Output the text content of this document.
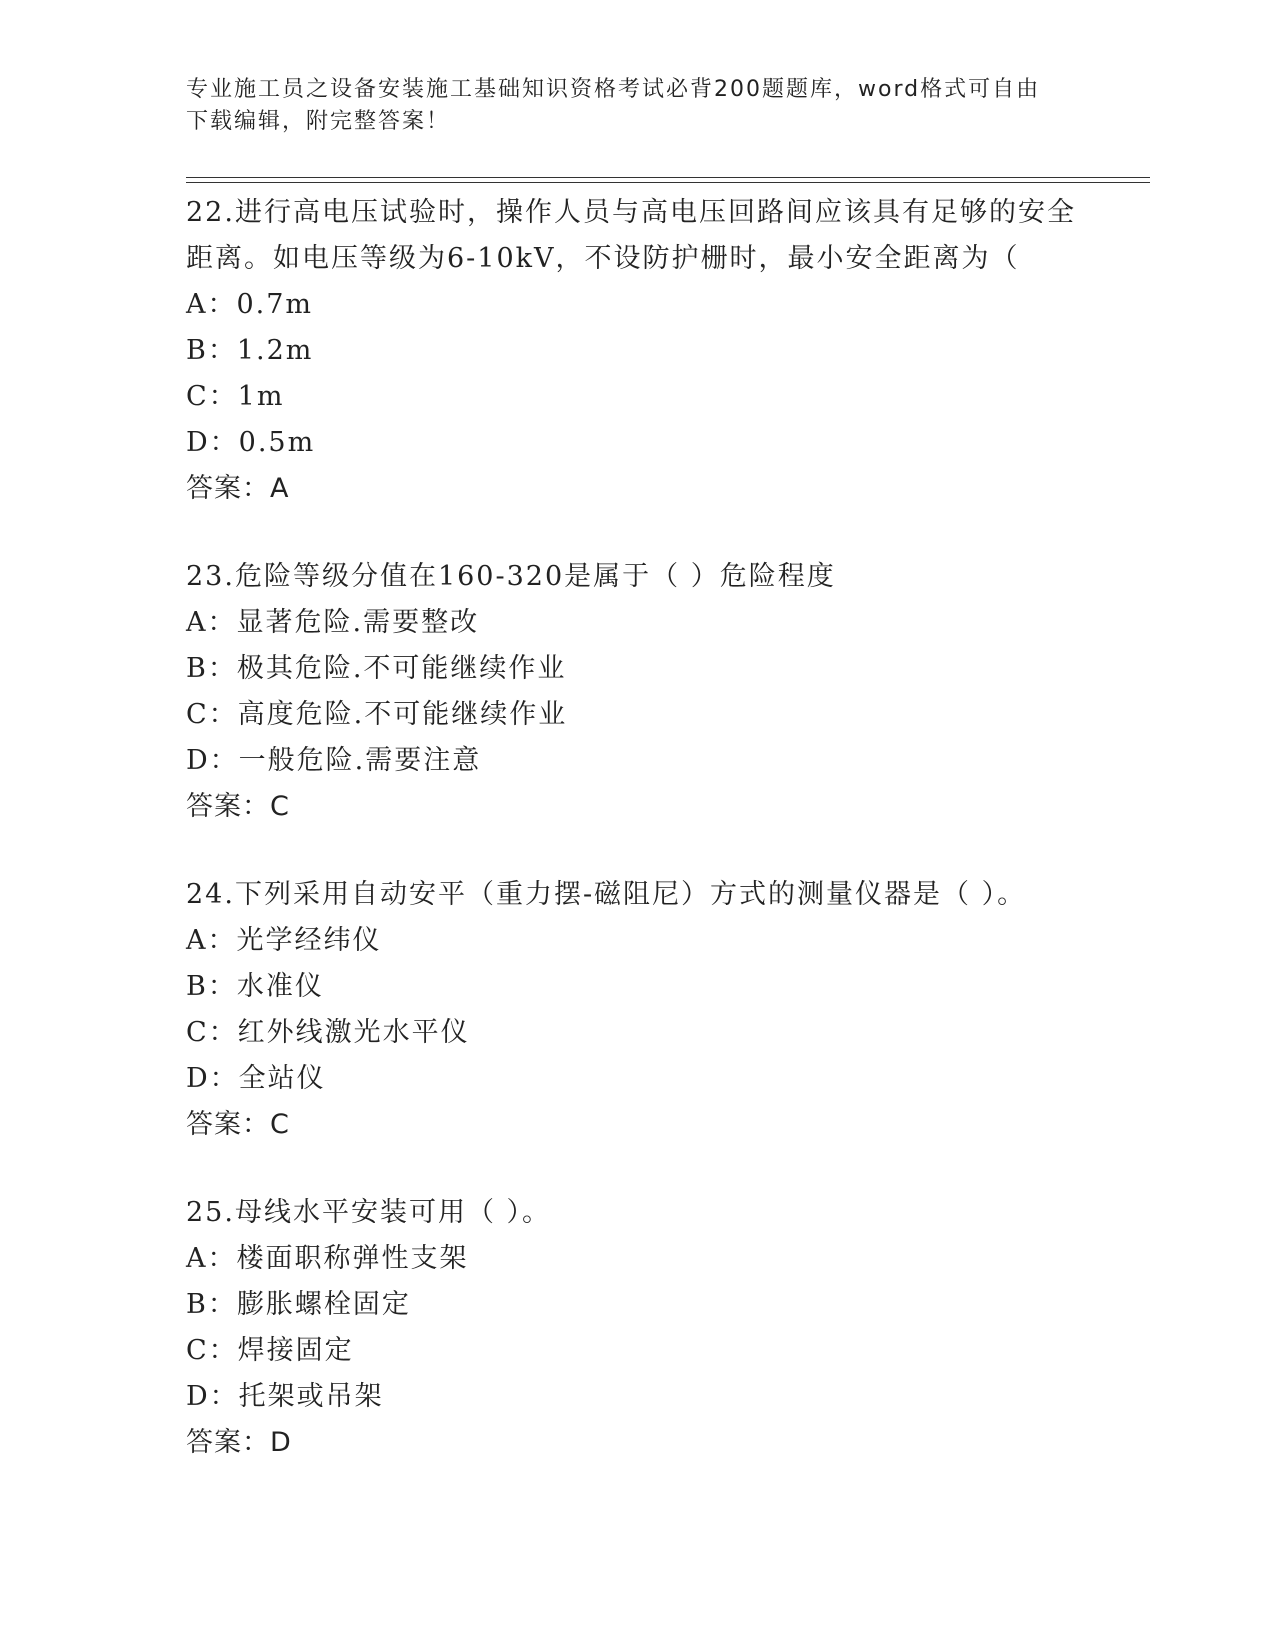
专业施工员之设备安装施工基础知识资格考试必背200题题库，word格式可自由
下载编辑，附完整答案！

22.进行高电压试验时，操作人员与高电压回路间应该具有足够的安全

距离。如电压等级为6-10kV，不设防护栅时，最小安全距离为（

A：0.7m

B：1.2m

C：1m

D：0.5m

答案：A

23.危险等级分值在160-320是属于（ ）危险程度

A：显著危险.需要整改

B：极其危险.不可能继续作业

C：高度危险.不可能继续作业

D：一般危险.需要注意

答案：C

24.下列采用自动安平（重力摆-磁阻尼）方式的测量仪器是（ ）。

A：光学经纬仪

B：水准仪

C：红外线激光水平仪

D：全站仪

答案：C

25.母线水平安装可用（ ）。

A：楼面职称弹性支架

B：膨胀螺栓固定

C：焊接固定

D：托架或吊架

答案：D
